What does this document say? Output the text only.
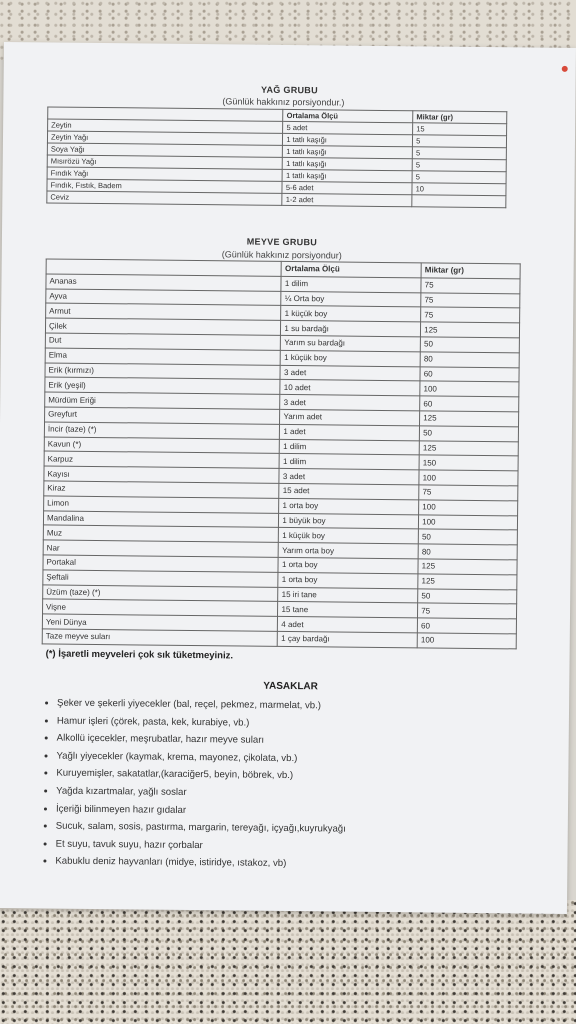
YAĞ GRUBU
(Günlük hakkınız porsiyondur.)
	Ortalama Ölçü	Miktar (gr)
Zeytin	5 adet	15
Zeytin Yağı	1 tatlı kaşığı	5
Soya Yağı	1 tatlı kaşığı	5
Mısırözü Yağı	1 tatlı kaşığı	5
Fındık Yağı	1 tatlı kaşığı	5
Fındık, Fıstık, Badem	5-6 adet	10
Ceviz	1-2 adet	
MEYVE GRUBU
(Günlük hakkınız porsiyondur)
	Ortalama Ölçü	Miktar (gr)
Ananas	1 dilim	75
Ayva	¼ Orta boy	75
Armut	1 küçük boy	75
Çilek	1 su bardağı	125
Dut	Yarım su bardağı	50
Elma	1 küçük boy	80
Erik (kırmızı)	3 adet	60
Erik (yeşil)	10 adet	100
Mürdüm Eriği	3 adet	60
Greyfurt	Yarım adet	125
İncir (taze) (*)	1 adet	50
Kavun (*)	1 dilim	125
Karpuz	1 dilim	150
Kayısı	3 adet	100
Kiraz	15 adet	75
Limon	1 orta boy	100
Mandalina	1 büyük boy	100
Muz	1 küçük boy	50
Nar	Yarım orta boy	80
Portakal	1 orta boy	125
Şeftali	1 orta boy	125
Üzüm (taze) (*)	15 iri tane	50
Vişne	15 tane	75
Yeni Dünya	4 adet	60
Taze meyve suları	1 çay bardağı	100
(*) İşaretli meyveleri çok sık tüketmeyiniz.
YASAKLAR
• Şeker ve şekerli yiyecekler (bal, reçel, pekmez, marmelat, vb.)
• Hamur işleri (çörek, pasta, kek, kurabiye, vb.)
• Alkollü içecekler, meşrubatlar, hazır meyve suları
• Yağlı yiyecekler (kaymak, krema, mayonez, çikolata, vb.)
• Kuruyemişler, sakatatlar,(karaciğer5, beyin, böbrek, vb.)
• Yağda kızartmalar, yağlı soslar
• İçeriği bilinmeyen hazır gıdalar
• Sucuk, salam, sosis, pastırma, margarin, tereyağı, içyağı,kuyrukyağı
• Et suyu, tavuk suyu, hazır çorbalar
• Kabuklu deniz hayvanları (midye, istiridye, ıstakoz, vb)
